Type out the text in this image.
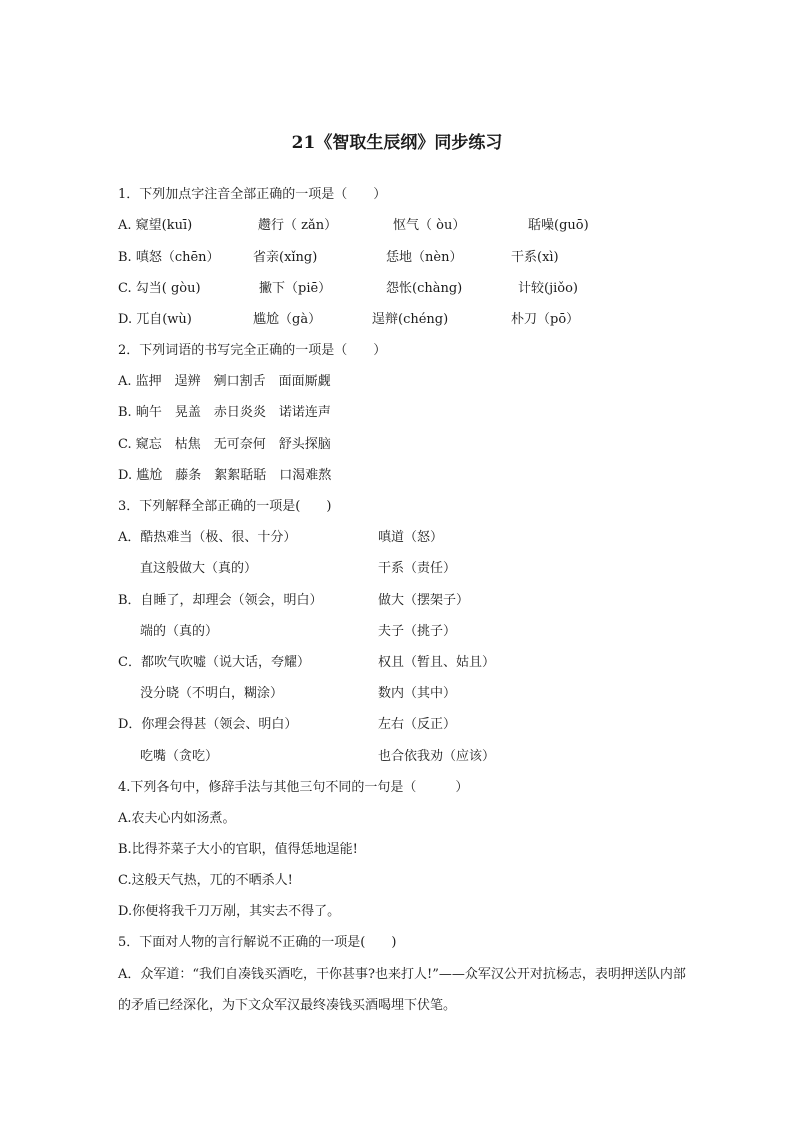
21《智取生辰纲》同步练习
1．下列加点字注音全部正确的一项是（　　）
A. 窥望(kuī)	趱行（ zǎn）	怄气（ òu）	聒噪(guō)
B. 嗔怒（chēn）	省亲(xǐng)	恁地（nèn）	干系(xì)
C. 勾当( gòu)	撇下（piē）	怨怅(chàng)	计较(jiǒo)
D. 兀自(wù)	尴尬（gà）	逞辩(chéng)	朴刀（pō）
2．下列词语的书写完全正确的一项是（　　）
A. 监押　逞辨　剜口割舌　面面厮觑
B. 晌午　晃盖　赤日炎炎　诺诺连声
C. 窥忘　枯焦　无可奈何　舒头探脑
D. 尴尬　藤条　絮絮聒聒　口渴难熬
3．下列解释全部正确的一项是(　　)
A．酷热难当（极、很、十分）	嗔道（怒）
直这般做大（真的）	干系（责任）
B．自睡了，却理会（领会，明白）	做大（摆架子）
端的（真的）	夫子（挑子）
C．都吹气吹嘘（说大话，夸耀）	权且（暂且、姑且）
没分晓（不明白，糊涂）	数内（其中）
D．你理会得甚（领会、明白）	左右（反正）
吃嘴（贪吃）	也合依我劝（应该）
4.下列各句中，修辞手法与其他三句不同的一句是（　　　）
A.农夫心内如汤煮。
B.比得芥菜子大小的官职，值得恁地逞能!
C.这般天气热，兀的不晒杀人!
D.你便将我千刀万剐，其实去不得了。
5．下面对人物的言行解说不正确的一项是(　　)
A．众军道：“我们自凑钱买酒吃，干你甚事?也来打人!”——众军汉公开对抗杨志，表明押送队内部的矛盾已经深化，为下文众军汉最终凑钱买酒喝埋下伏笔。
